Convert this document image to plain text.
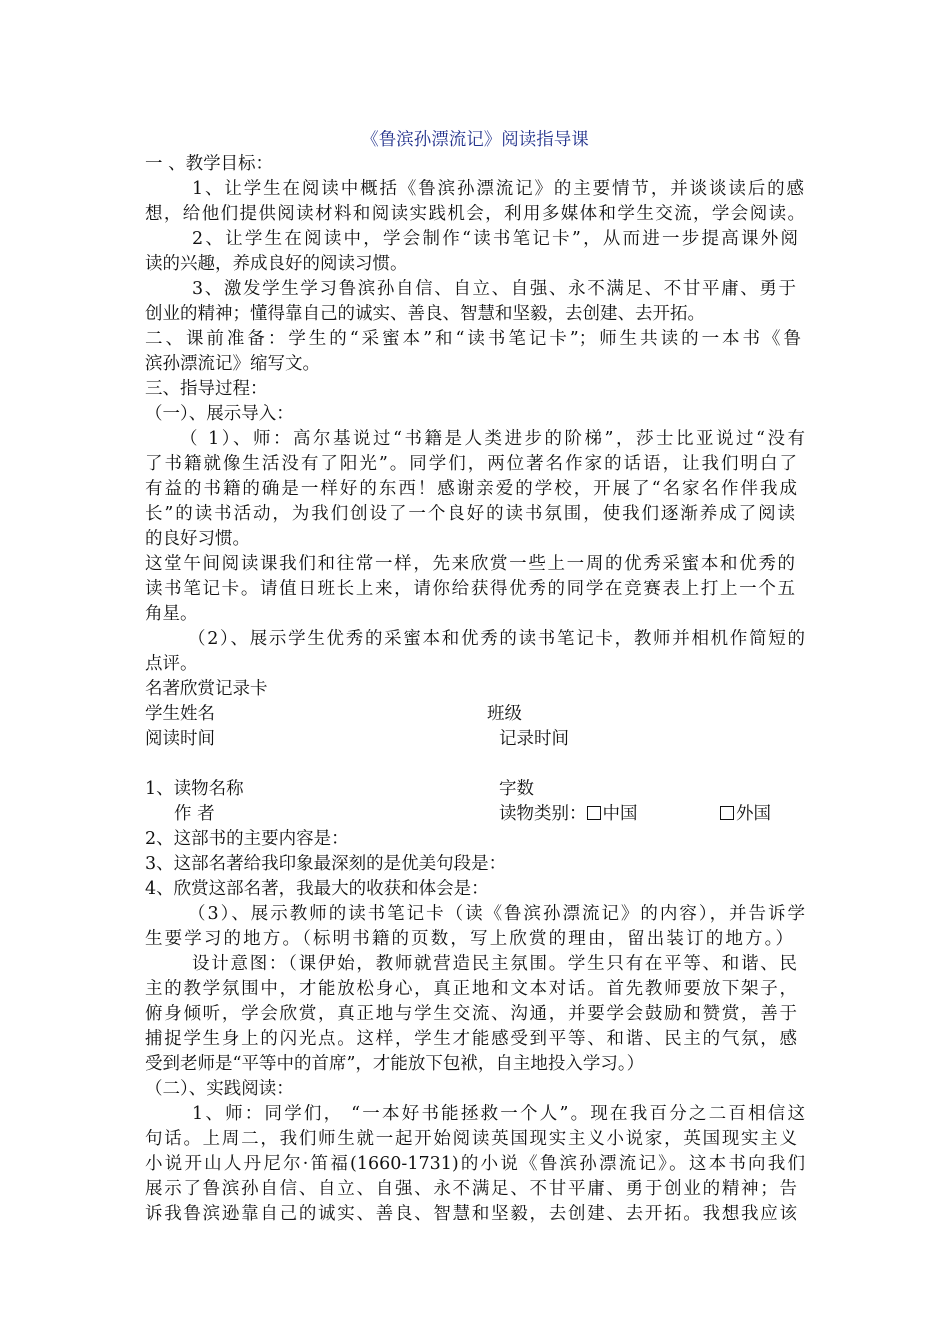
《鲁滨孙漂流记》阅读指导课
一 、教学目标：
1、让学生在阅读中概括《鲁滨孙漂流记》的主要情节，并谈谈读后的感
想，给他们提供阅读材料和阅读实践机会，利用多媒体和学生交流，学会阅读。
2、让学生在阅读中，学会制作“读书笔记卡”，从而进一步提高课外阅
读的兴趣，养成良好的阅读习惯。
3、激发学生学习鲁滨孙自信、自立、自强、永不满足、不甘平庸、勇于
创业的精神；懂得靠自己的诚实、善良、智慧和坚毅，去创建、去开拓。
二、课前准备：学生的“采蜜本”和“读书笔记卡”；师生共读的一本书《鲁
滨孙漂流记》缩写文。
三、指导过程：
（一）、展示导入：
（ 1）、师：高尔基说过“书籍是人类进步的阶梯”，莎士比亚说过“没有
了书籍就像生活没有了阳光”。同学们，两位著名作家的话语，让我们明白了
有益的书籍的确是一样好的东西！感谢亲爱的学校，开展了“名家名作伴我成
长”的读书活动，为我们创设了一个良好的读书氛围，使我们逐渐养成了阅读
的良好习惯。
这堂午间阅读课我们和往常一样，先来欣赏一些上一周的优秀采蜜本和优秀的
读书笔记卡。请值日班长上来，请你给获得优秀的同学在竞赛表上打上一个五
角星。
（2）、展示学生优秀的采蜜本和优秀的读书笔记卡，教师并相机作简短的
点评。
名著欣赏记录卡
学生姓名	班级
阅读时间	记录时间
1、读物名称	字数
作 者	读物类别： 中国	外国
2、这部书的主要内容是：
3、这部名著给我印象最深刻的是优美句段是：
4、欣赏这部名著，我最大的收获和体会是：
（3）、展示教师的读书笔记卡（读《鲁滨孙漂流记》的内容），并告诉学
生要学习的地方。（标明书籍的页数，写上欣赏的理由，留出装订的地方。）
设计意图：（课伊始，教师就营造民主氛围。学生只有在平等、和谐、民
主的教学氛围中，才能放松身心，真正地和文本对话。首先教师要放下架子，
俯身倾听，学会欣赏，真正地与学生交流、沟通，并要学会鼓励和赞赏，善于
捕捉学生身上的闪光点。这样，学生才能感受到平等、和谐、民主的气氛，感
受到老师是“平等中的首席”，才能放下包袱，自主地投入学习。）
（二）、实践阅读：
1、师：同学们， “一本好书能拯救一个人”。现在我百分之二百相信这
句话。上周二，我们师生就一起开始阅读英国现实主义小说家，英国现实主义
小说开山人丹尼尔·笛福(1660-1731)的小说《鲁滨孙漂流记》。这本书向我们
展示了鲁滨孙自信、自立、自强、永不满足、不甘平庸、勇于创业的精神；告
诉我鲁滨逊靠自己的诚实、善良、智慧和坚毅，去创建、去开拓。我想我应该
